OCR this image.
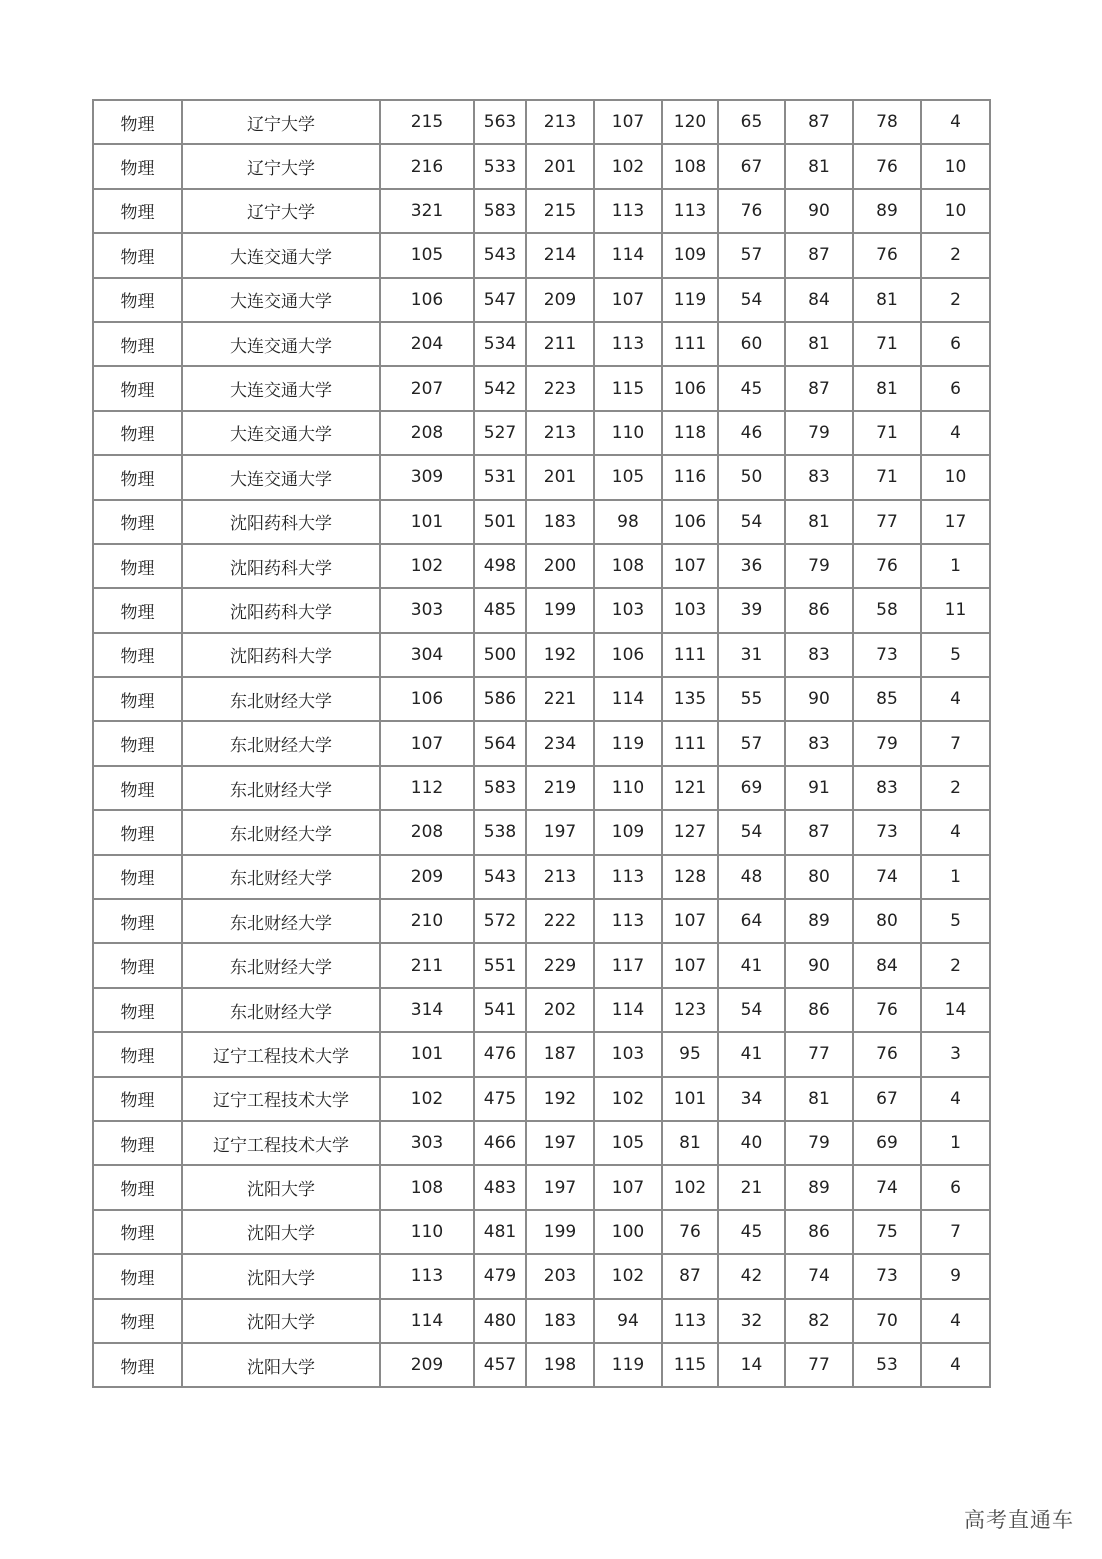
物理	辽宁大学	215	563	213	107	120	65	87	78	4
物理	辽宁大学	216	533	201	102	108	67	81	76	10
物理	辽宁大学	321	583	215	113	113	76	90	89	10
物理	大连交通大学	105	543	214	114	109	57	87	76	2
物理	大连交通大学	106	547	209	107	119	54	84	81	2
物理	大连交通大学	204	534	211	113	111	60	81	71	6
物理	大连交通大学	207	542	223	115	106	45	87	81	6
物理	大连交通大学	208	527	213	110	118	46	79	71	4
物理	大连交通大学	309	531	201	105	116	50	83	71	10
物理	沈阳药科大学	101	501	183	98	106	54	81	77	17
物理	沈阳药科大学	102	498	200	108	107	36	79	76	1
物理	沈阳药科大学	303	485	199	103	103	39	86	58	11
物理	沈阳药科大学	304	500	192	106	111	31	83	73	5
物理	东北财经大学	106	586	221	114	135	55	90	85	4
物理	东北财经大学	107	564	234	119	111	57	83	79	7
物理	东北财经大学	112	583	219	110	121	69	91	83	2
物理	东北财经大学	208	538	197	109	127	54	87	73	4
物理	东北财经大学	209	543	213	113	128	48	80	74	1
物理	东北财经大学	210	572	222	113	107	64	89	80	5
物理	东北财经大学	211	551	229	117	107	41	90	84	2
物理	东北财经大学	314	541	202	114	123	54	86	76	14
物理	辽宁工程技术大学	101	476	187	103	95	41	77	76	3
物理	辽宁工程技术大学	102	475	192	102	101	34	81	67	4
物理	辽宁工程技术大学	303	466	197	105	81	40	79	69	1
物理	沈阳大学	108	483	197	107	102	21	89	74	6
物理	沈阳大学	110	481	199	100	76	45	86	75	7
物理	沈阳大学	113	479	203	102	87	42	74	73	9
物理	沈阳大学	114	480	183	94	113	32	82	70	4
物理	沈阳大学	209	457	198	119	115	14	77	53	4
高考直通车
